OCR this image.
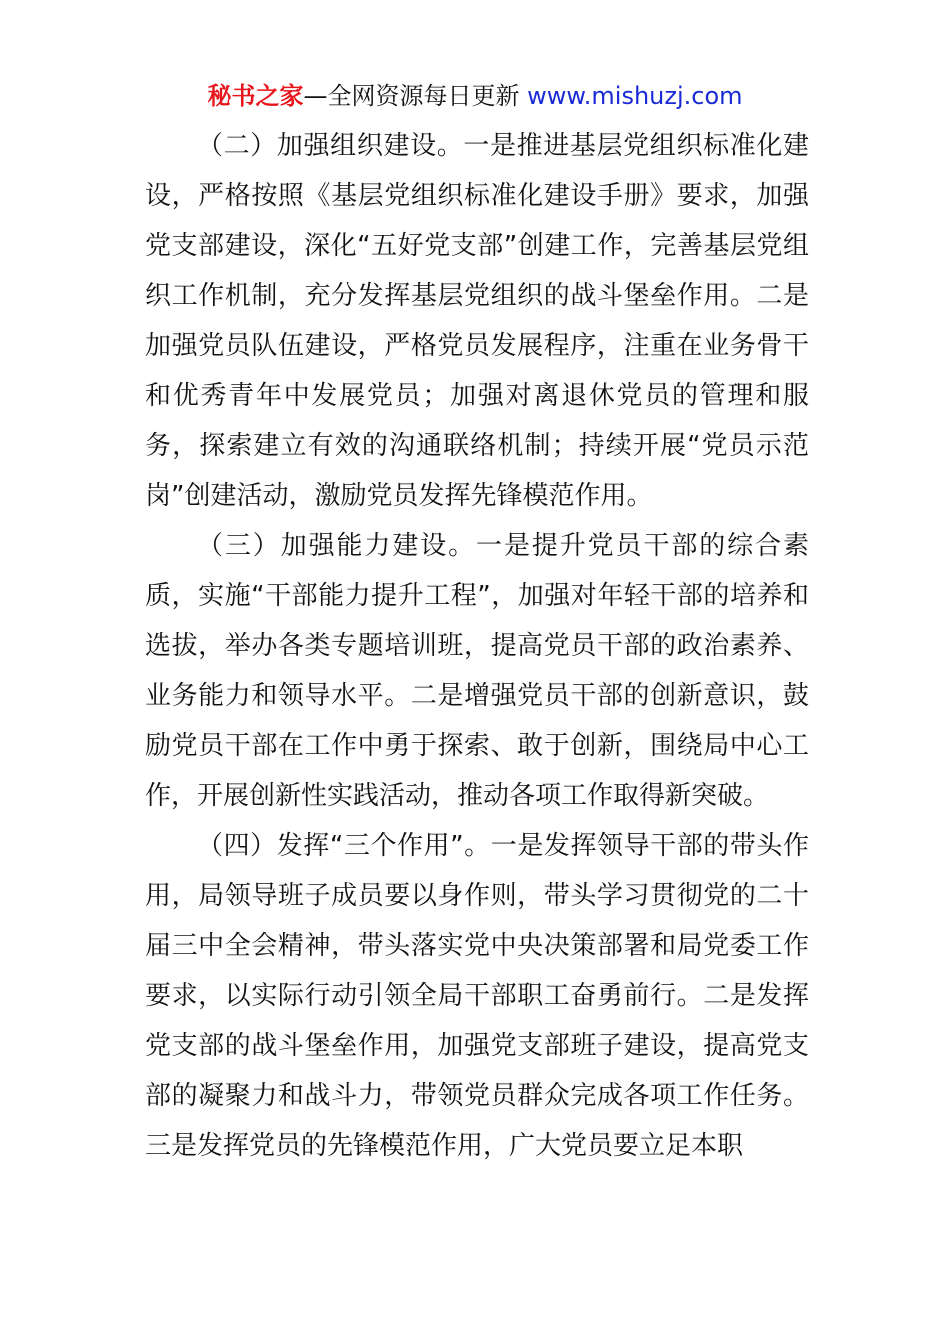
秘书之家—全网资源每日更新 www.mishuzj.com

（二）加强组织建设。一是推进基层党组织标准化建设，严格按照《基层党组织标准化建设手册》要求，加强党支部建设，深化“五好党支部”创建工作，完善基层党组织工作机制，充分发挥基层党组织的战斗堡垒作用。二是加强党员队伍建设，严格党员发展程序，注重在业务骨干和优秀青年中发展党员；加强对离退休党员的管理和服务，探索建立有效的沟通联络机制；持续开展“党员示范岗”创建活动，激励党员发挥先锋模范作用。

（三）加强能力建设。一是提升党员干部的综合素质，实施“干部能力提升工程”，加强对年轻干部的培养和选拔，举办各类专题培训班，提高党员干部的政治素养、业务能力和领导水平。二是增强党员干部的创新意识，鼓励党员干部在工作中勇于探索、敢于创新，围绕局中心工作，开展创新性实践活动，推动各项工作取得新突破。

（四）发挥“三个作用”。一是发挥领导干部的带头作用，局领导班子成员要以身作则，带头学习贯彻党的二十届三中全会精神，带头落实党中央决策部署和局党委工作要求，以实际行动引领全局干部职工奋勇前行。二是发挥党支部的战斗堡垒作用，加强党支部班子建设，提高党支部的凝聚力和战斗力，带领党员群众完成各项工作任务。三是发挥党员的先锋模范作用，广大党员要立足本职
